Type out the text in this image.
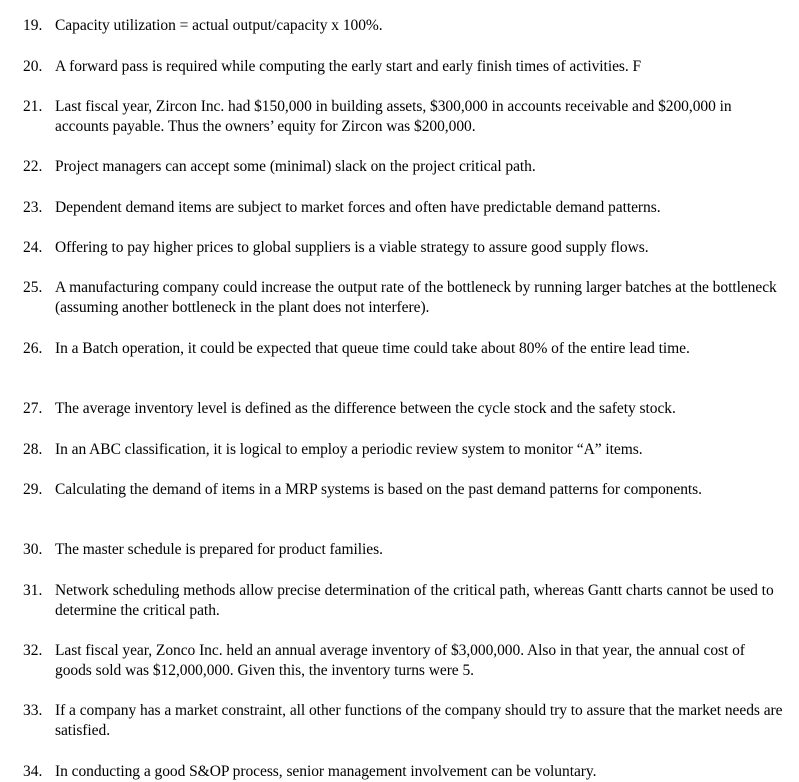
19. Capacity utilization = actual output/capacity x 100%.
20. A forward pass is required while computing the early start and early finish times of activities. F
21. Last fiscal year, Zircon Inc. had $150,000 in building assets, $300,000 in accounts receivable and $200,000 in accounts payable. Thus the owners’ equity for Zircon was $200,000.
22. Project managers can accept some (minimal) slack on the project critical path.
23. Dependent demand items are subject to market forces and often have predictable demand patterns.
24. Offering to pay higher prices to global suppliers is a viable strategy to assure good supply flows.
25. A manufacturing company could increase the output rate of the bottleneck by running larger batches at the bottleneck (assuming another bottleneck in the plant does not interfere).
26. In a Batch operation, it could be expected that queue time could take about 80% of the entire lead time.
27. The average inventory level is defined as the difference between the cycle stock and the safety stock.
28. In an ABC classification, it is logical to employ a periodic review system to monitor “A” items.
29. Calculating the demand of items in a MRP systems is based on the past demand patterns for components.
30. The master schedule is prepared for product families.
31. Network scheduling methods allow precise determination of the critical path, whereas Gantt charts cannot be used to determine the critical path.
32. Last fiscal year, Zonco Inc. held an annual average inventory of $3,000,000. Also in that year, the annual cost of goods sold was $12,000,000. Given this, the inventory turns were 5.
33. If a company has a market constraint, all other functions of the company should try to assure that the market needs are satisfied.
34. In conducting a good S&OP process, senior management involvement can be voluntary.
